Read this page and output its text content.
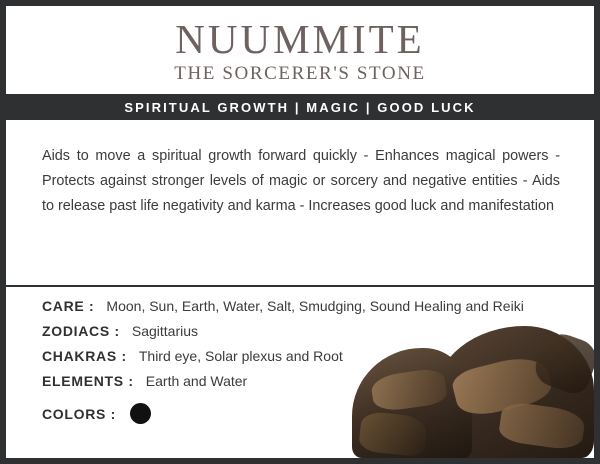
NUUMMITE
THE SORCERER'S STONE
SPIRITUAL GROWTH | MAGIC | GOOD LUCK
Aids to move a spiritual growth forward quickly - Enhances magical powers - Protects against stronger levels of magic or sorcery and negative entities - Aids to release past life negativity and karma - Increases good luck and manifestation
CARE : Moon, Sun, Earth, Water, Salt, Smudging, Sound Healing and Reiki
ZODIACS : Sagittarius
CHAKRAS : Third eye, Solar plexus and Root
ELEMENTS : Earth and Water
COLORS :
